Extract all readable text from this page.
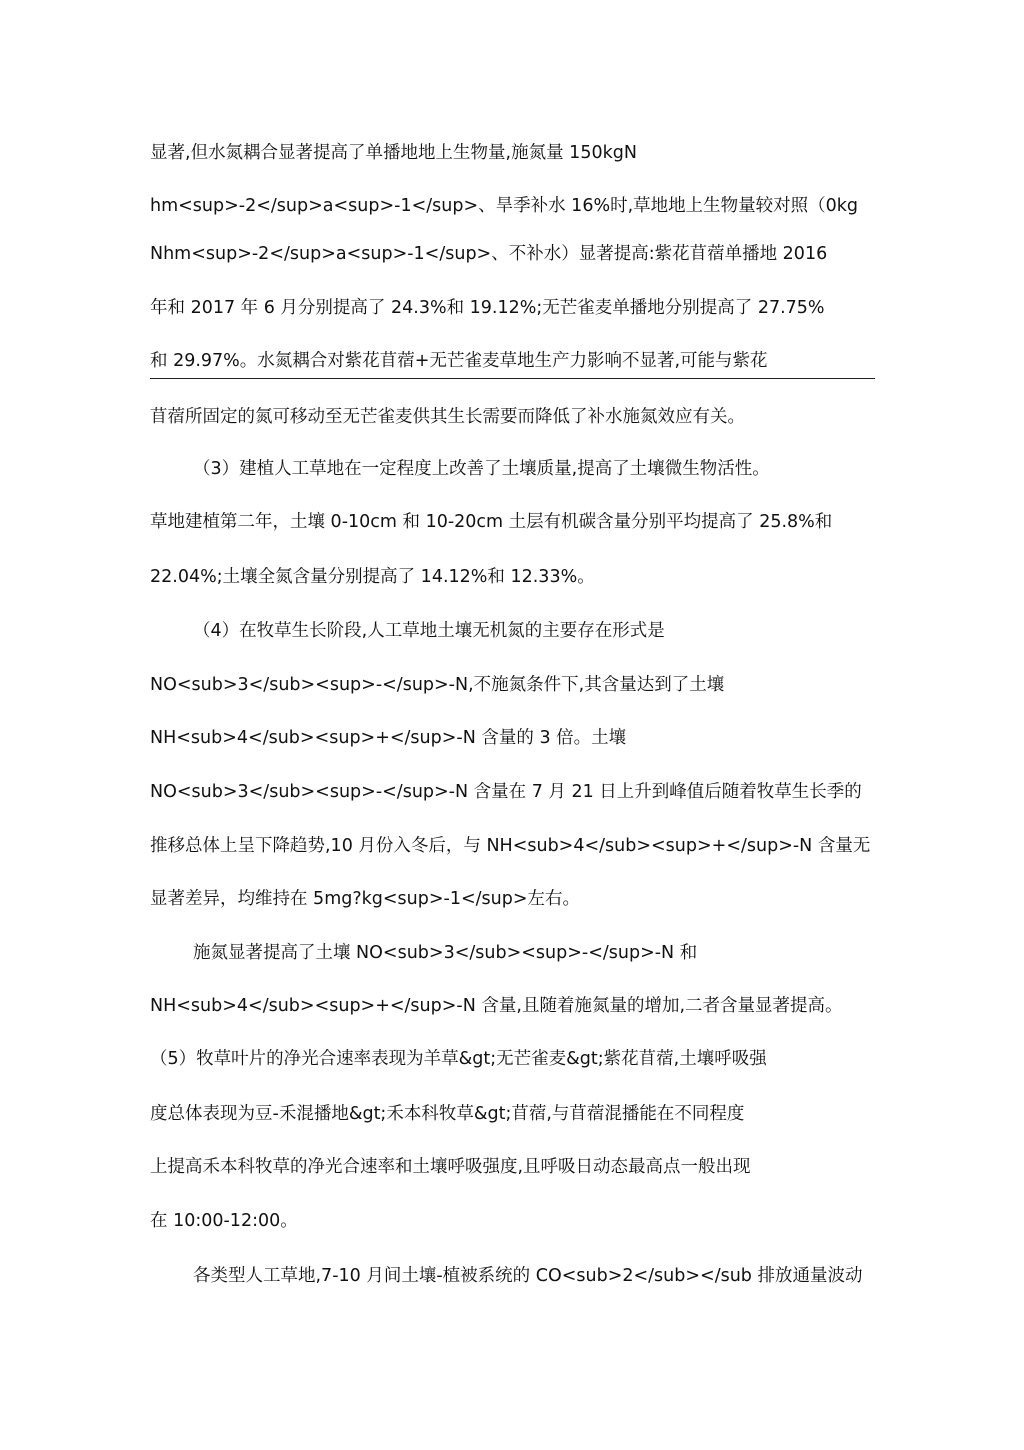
显著,但水氮耦合显著提高了单播地地上生物量,施氮量 150kgN
hm<sup>-2</sup>a<sup>-1</sup>、旱季补水 16%时,草地地上生物量较对照（0kg
Nhm<sup>-2</sup>a<sup>-1</sup>、不补水）显著提高:紫花苜蓿单播地 2016
年和 2017 年 6 月分别提高了 24.3%和 19.12%;无芒雀麦单播地分别提高了 27.75%
和 29.97%。水氮耦合对紫花苜蓿+无芒雀麦草地生产力影响不显著,可能与紫花
苜蓿所固定的氮可移动至无芒雀麦供其生长需要而降低了补水施氮效应有关。
（3）建植人工草地在一定程度上改善了土壤质量,提高了土壤微生物活性。
草地建植第二年，土壤 0-10cm 和 10-20cm 土层有机碳含量分别平均提高了 25.8%和
22.04%;土壤全氮含量分别提高了 14.12%和 12.33%。
（4）在牧草生长阶段,人工草地土壤无机氮的主要存在形式是
NO<sub>3</sub><sup>-</sup>-N,不施氮条件下,其含量达到了土壤
NH<sub>4</sub><sup>+</sup>-N 含量的 3 倍。土壤
NO<sub>3</sub><sup>-</sup>-N 含量在 7 月 21 日上升到峰值后随着牧草生长季的
推移总体上呈下降趋势,10 月份入冬后，与 NH<sub>4</sub><sup>+</sup>-N 含量无
显著差异，均维持在 5mg?kg<sup>-1</sup>左右。
施氮显著提高了土壤 NO<sub>3</sub><sup>-</sup>-N 和
NH<sub>4</sub><sup>+</sup>-N 含量,且随着施氮量的增加,二者含量显著提高。
（5）牧草叶片的净光合速率表现为羊草&gt;无芒雀麦&gt;紫花苜蓿,土壤呼吸强
度总体表现为豆-禾混播地&gt;禾本科牧草&gt;苜蓿,与苜蓿混播能在不同程度
上提高禾本科牧草的净光合速率和土壤呼吸强度,且呼吸日动态最高点一般出现
在 10:00-12:00。
各类型人工草地,7-10 月间土壤-植被系统的 CO<sub>2</sub></sub 排放通量波动
